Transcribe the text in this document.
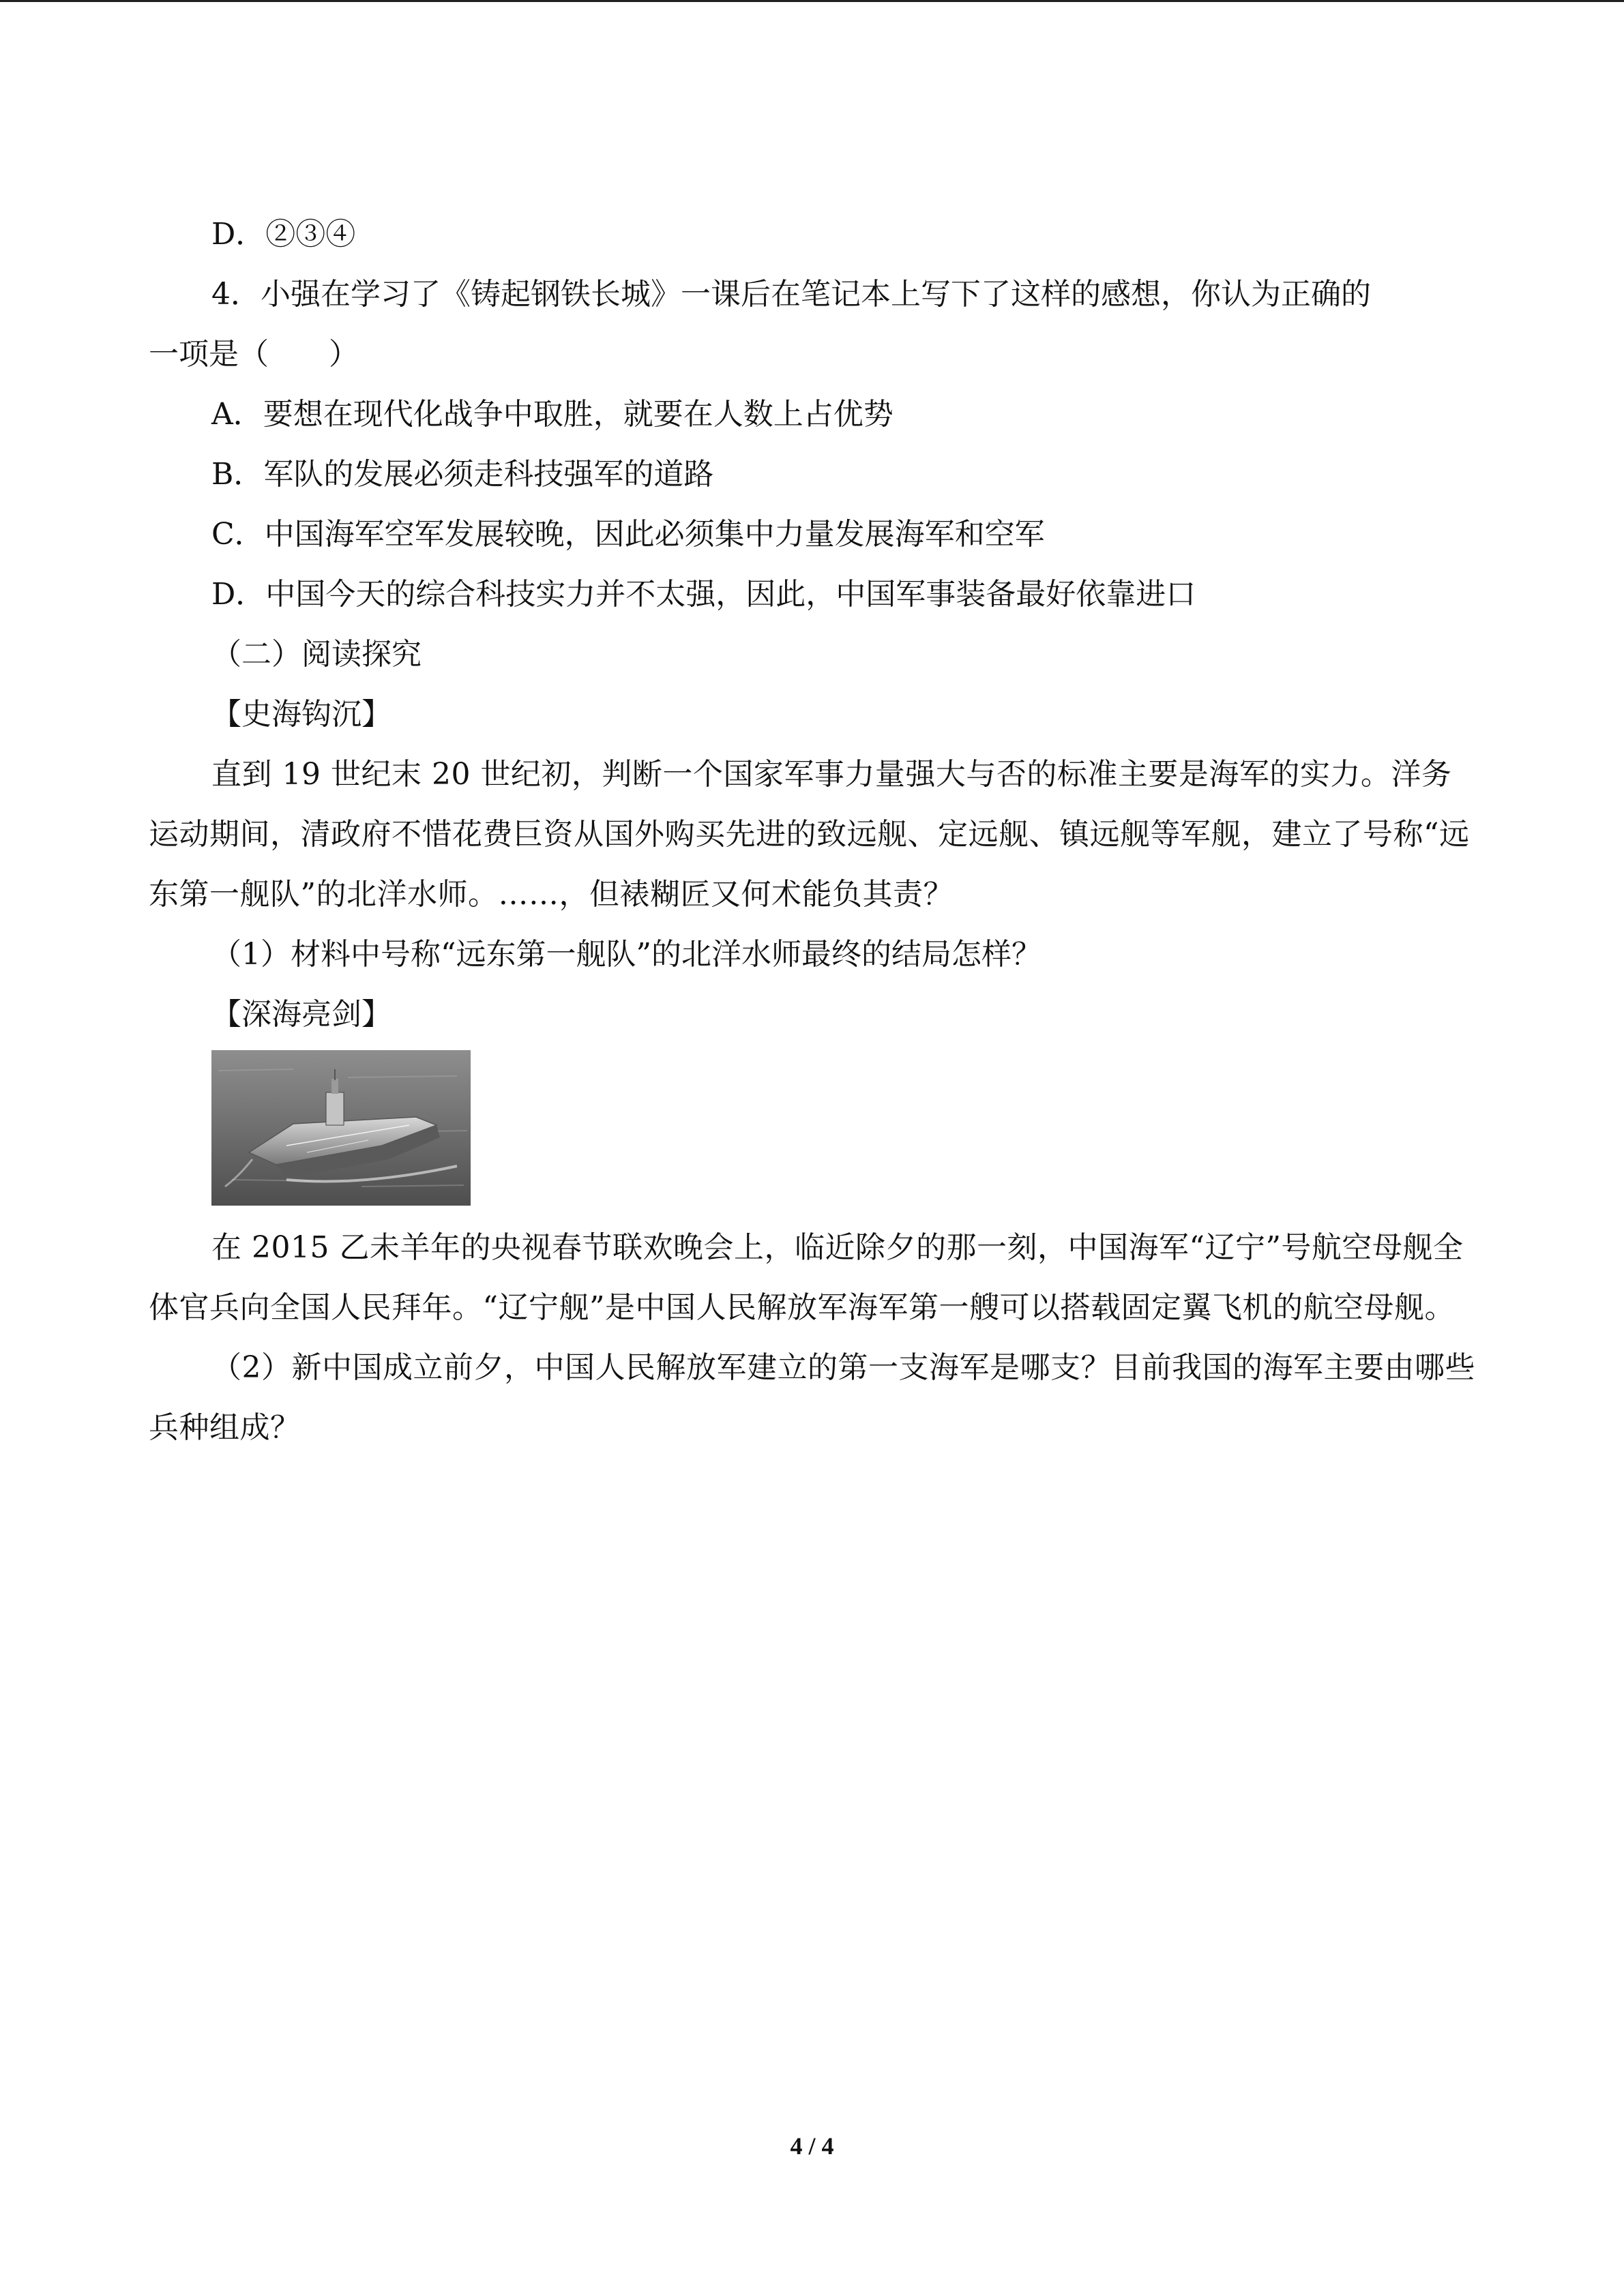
D．②③④

4．小强在学习了《铸起钢铁长城》一课后在笔记本上写下了这样的感想，你认为正确的

一项是（　　）

A．要想在现代化战争中取胜，就要在人数上占优势

B．军队的发展必须走科技强军的道路

C．中国海军空军发展较晚，因此必须集中力量发展海军和空军

D．中国今天的综合科技实力并不太强，因此，中国军事装备最好依靠进口

（二）阅读探究

【史海钩沉】

直到 19 世纪末 20 世纪初，判断一个国家军事力量强大与否的标准主要是海军的实力。洋务运动期间，清政府不惜花费巨资从国外购买先进的致远舰、定远舰、镇远舰等军舰，建立了号称“远东第一舰队”的北洋水师。……，但裱糊匠又何术能负其责？

（1）材料中号称“远东第一舰队”的北洋水师最终的结局怎样？

【深海亮剑】

在 2015 乙未羊年的央视春节联欢晚会上，临近除夕的那一刻，中国海军“辽宁”号航空母舰全体官兵向全国人民拜年。“辽宁舰”是中国人民解放军海军第一艘可以搭载固定翼飞机的航空母舰。

（2）新中国成立前夕，中国人民解放军建立的第一支海军是哪支？目前我国的海军主要由哪些兵种组成？

4 / 4
